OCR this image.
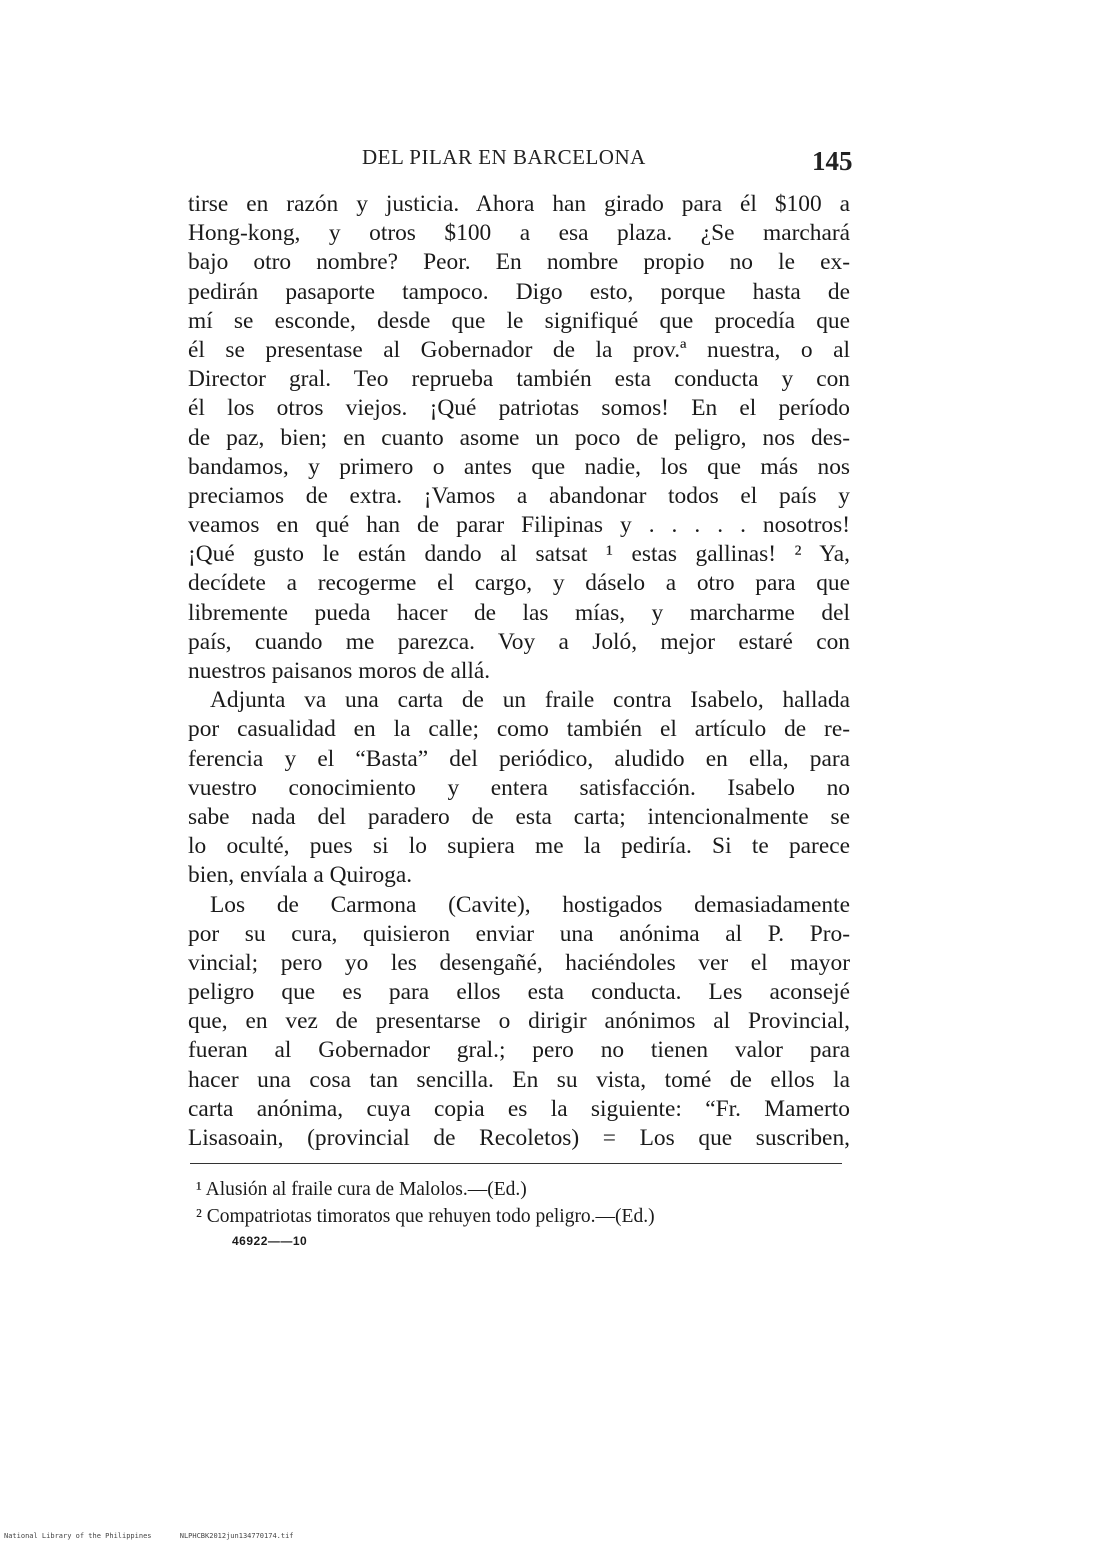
DEL PILAR EN BARCELONA	145
tirse en razón y justicia. Ahora han girado para él $100 a
Hong-kong, y otros $100 a esa plaza. ¿Se marchará
bajo otro nombre? Peor. En nombre propio no le ex-
pedirán pasaporte tampoco. Digo esto, porque hasta de
mí se esconde, desde que le signifiqué que procedía que
él se presentase al Gobernador de la prov.ª nuestra, o al
Director gral. Teo reprueba también esta conducta y con
él los otros viejos. ¡Qué patriotas somos! En el período
de paz, bien; en cuanto asome un poco de peligro, nos des-
bandamos, y primero o antes que nadie, los que más nos
preciamos de extra. ¡Vamos a abandonar todos el país y
veamos en qué han de parar Filipinas y . . . . . nosotros!
¡Qué gusto le están dando al satsat ¹ estas gallinas! ² Ya,
decídete a recogerme el cargo, y dáselo a otro para que
libremente pueda hacer de las mías, y marcharme del
país, cuando me parezca. Voy a Joló, mejor estaré con
nuestros paisanos moros de allá.
Adjunta va una carta de un fraile contra Isabelo, hallada
por casualidad en la calle; como también el artículo de re-
ferencia y el “Basta” del periódico, aludido en ella, para
vuestro conocimiento y entera satisfacción. Isabelo no
sabe nada del paradero de esta carta; intencionalmente se
lo oculté, pues si lo supiera me la pediría. Si te parece
bien, envíala a Quiroga.
Los de Carmona (Cavite), hostigados demasiadamente
por su cura, quisieron enviar una anónima al P. Pro-
vincial; pero yo les desengañé, haciéndoles ver el mayor
peligro que es para ellos esta conducta. Les aconsejé
que, en vez de presentarse o dirigir anónimos al Provincial,
fueran al Gobernador gral.; pero no tienen valor para
hacer una cosa tan sencilla. En su vista, tomé de ellos la
carta anónima, cuya copia es la siguiente: “Fr. Mamerto
Lisasoain, (provincial de Recoletos) = Los que suscriben,
¹ Alusión al fraile cura de Malolos.—(Ed.)
² Compatriotas timoratos que rehuyen todo peligro.—(Ed.)
46922——10
National Library of the Philippines	NLPHCBK2012jun134770174.tif
